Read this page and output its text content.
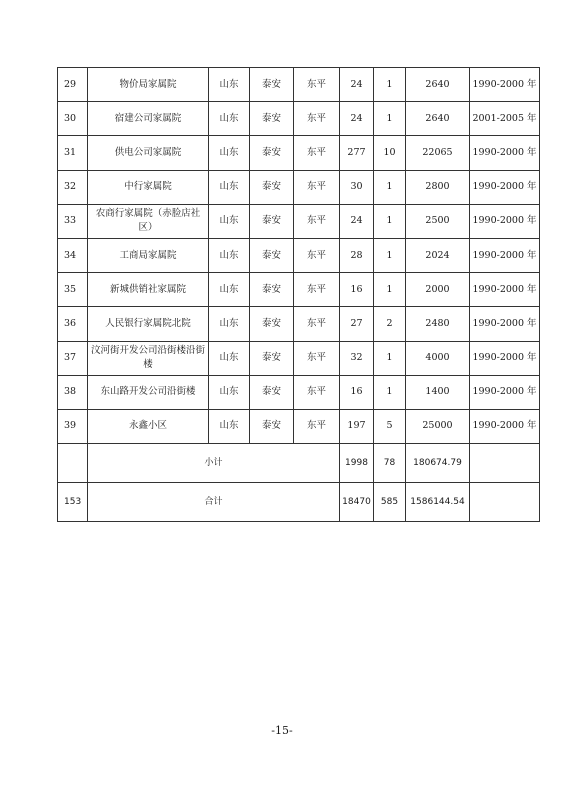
29	物价局家属院	山东	泰安	东平	24	1	2640	1990-2000 年
30	宿建公司家属院	山东	泰安	东平	24	1	2640	2001-2005 年
31	供电公司家属院	山东	泰安	东平	277	10	22065	1990-2000 年
32	中行家属院	山东	泰安	东平	30	1	2800	1990-2000 年
33	农商行家属院（赤脸店社区）	山东	泰安	东平	24	1	2500	1990-2000 年
34	工商局家属院	山东	泰安	东平	28	1	2024	1990-2000 年
35	新城供销社家属院	山东	泰安	东平	16	1	2000	1990-2000 年
36	人民银行家属院北院	山东	泰安	东平	27	2	2480	1990-2000 年
37	汶河街开发公司沿街楼沿街楼	山东	泰安	东平	32	1	4000	1990-2000 年
38	东山路开发公司沿街楼	山东	泰安	东平	16	1	1400	1990-2000 年
39	永鑫小区	山东	泰安	东平	197	5	25000	1990-2000 年
	小计				1998	78	180674.79	
153	合计				18470	585	1586144.54	
-15-
